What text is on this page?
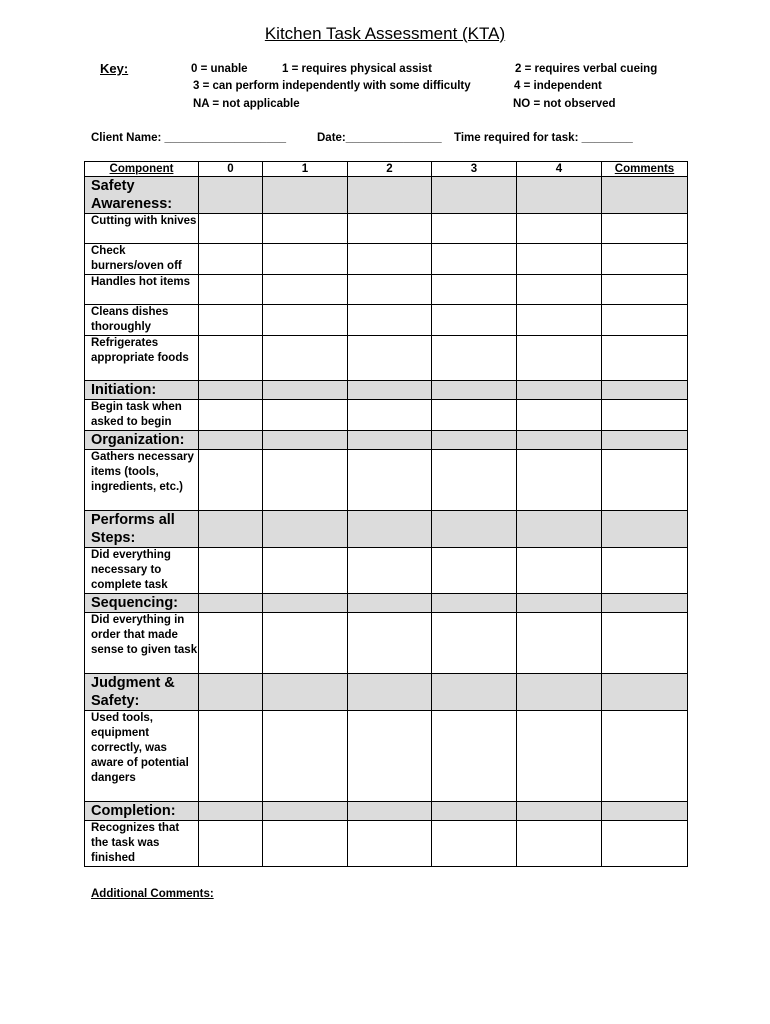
Kitchen Task Assessment (KTA)
Key:	0 = unable	1 = requires physical assist	2 = requires verbal cueing
3 = can perform independently with some difficulty	4 = independent
NA = not applicable	NO = not observed
Client Name: ___________________	Date:_______________ Time required for task: ________
Component	0	1	2	3	4	Comments
Safety Awareness:						
Cutting with knives						
Check burners/oven off						
Handles hot items						
Cleans dishes thoroughly						
Refrigerates appropriate foods						
Initiation:						
Begin task when asked to begin						
Organization:						
Gathers necessary items (tools, ingredients, etc.)						
Performs all Steps:						
Did everything necessary to complete task						
Sequencing:						
Did everything in order that made sense to given task						
Judgment & Safety:						
Used tools, equipment correctly, was aware of potential dangers						
Completion:						
Recognizes that the task was finished						
Additional Comments:
